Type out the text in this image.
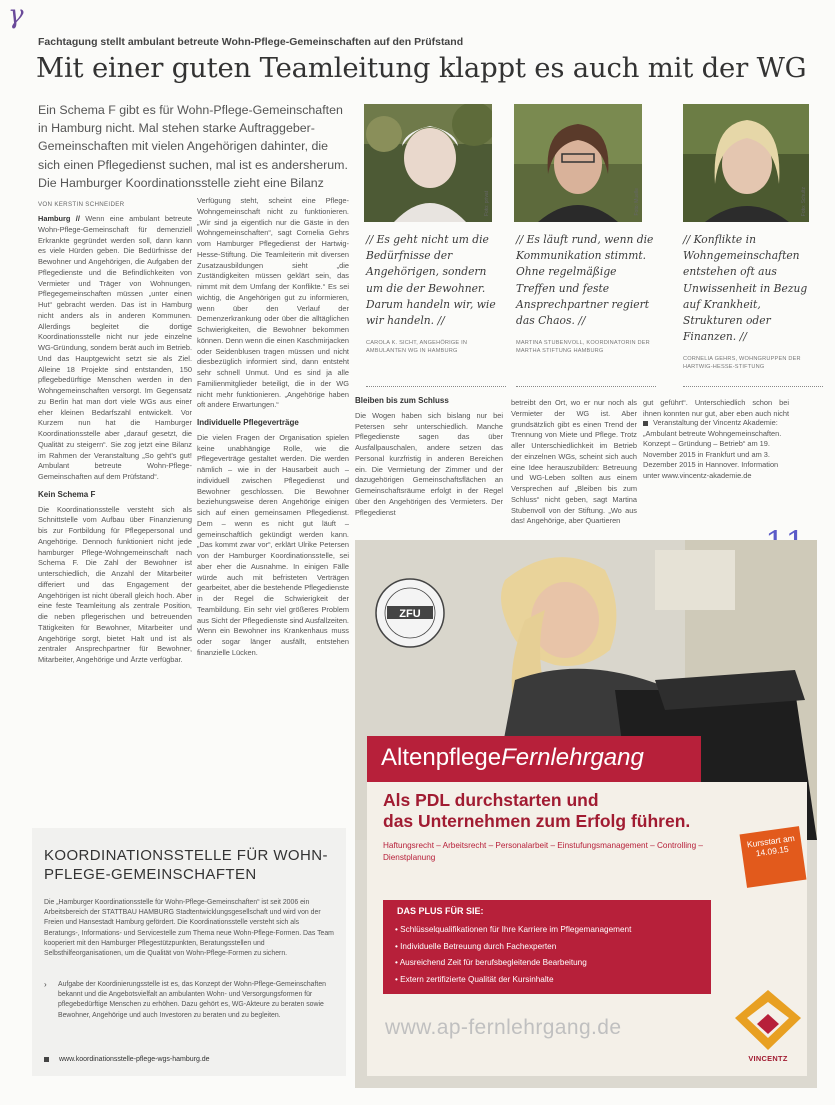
γ
Fachtagung stellt ambulant betreute Wohn-Pflege-Gemeinschaften auf den Prüfstand
Mit einer guten Teamleitung klappt es auch mit der WG
Ein Schema F gibt es für Wohn-Pflege-Gemeinschaften in Hamburg nicht. Mal stehen starke Auftraggeber-Gemeinschaften mit vielen Angehörigen dahinter, die sich einen Pflegedienst suchen, mal ist es andersherum. Die Hamburger Koordinationsstelle zieht eine Bilanz
VON KERSTIN SCHNEIDER
Hamburg // Wenn eine ambulant betreute Wohn-Pflege-Gemeinschaft für demenziell Erkrankte gegründet werden soll, dann kann es viele Hürden geben. Die Bedürfnisse der Bewohner und Angehörigen, die Aufgaben der Pflegedienste und die Befindlichkeiten von Vermieter und Träger von Wohnungen, Pflegegemeinschaften müssen „unter einen Hut“ gebracht werden. Das ist in Hamburg nicht anders als in anderen Kommunen. Allerdings begleitet die dortige Koordinationsstelle nicht nur jede einzelne WG-Gründung, sondern berät auch im Betrieb. Und das Hauptgewicht setzt sie als Ziel. Alleine 18 Projekte sind entstanden, 150 pflegebedürftige Menschen werden in den Wohngemeinschaften versorgt. Im Gegensatz zu Berlin hat man dort viele WGs aus einer eher kleinen Bedarfszahl entwickelt. Vor Kurzem nun hat die Hamburger Koordinationsstelle aber „darauf gesetzt, die Qualität zu steigern“. Sie zog jetzt eine Bilanz im Rahmen der Veranstaltung „So geht’s gut! Ambulant betreute Wohn-Pflege-Gemeinschaften auf dem Prüfstand“.
Kein Schema F
Die Koordinationsstelle versteht sich als Schnittstelle vom Aufbau über Finanzierung bis zur Fortbildung für Pflegepersonal und Angehörige. Dennoch funktioniert nicht jede hamburger Pflege-Wohngemeinschaft nach Schema F. Die Zahl der Bewohner ist unterschiedlich, die Anzahl der Mitarbeiter differiert und das Engagement der Angehörigen ist nicht überall gleich hoch. Aber eine feste Teamleitung als zentrale Position, die neben pflegerischen und betreuenden Tätigkeiten für Bewohner, Mitarbeiter und Angehörige sorgt, bietet Halt und ist als zentraler Ansprechpartner für Bewohner, Mitarbeiter, Angehörige und Ärzte verfügbar.
Verfügung steht, scheint eine Pflege-Wohngemeinschaft nicht zu funktionieren. „Wir sind ja eigentlich nur die Gäste in den Wohngemeinschaften“, sagt Cornelia Gehrs vom Hamburger Pflegedienst der Hartwig-Hesse-Stiftung. Die Teamleiterin mit diversen Zusatzausbildungen sieht „die Zuständigkeiten müssen geklärt sein, das nimmt mit dem Umfang der Konflikte.“ Es sei wichtig, die Angehörigen gut zu informieren, wenn über den Verlauf der Demenzerkrankung oder über die alltäglichen Schwierigkeiten, die Bewohner bekommen können. Denn wenn die einen Kaschmirjacken oder Seidenblusen tragen müssen und nicht diesbezüglich informiert sind, dann entsteht sehr schnell Unmut. Und es sind ja alle Familienmitglieder beteiligt, die in der WG nicht mehr funktionieren. „Angehörige haben oft andere Erwartungen.“
Individuelle Pflegeverträge
Die vielen Fragen der Organisation spielen keine unabhängige Rolle, wie die Pflegeverträge gestaltet werden. Die werden nämlich – wie in der Hausarbeit auch – individuell zwischen Pflegedienst und Bewohner geschlossen. Die Bewohner beziehungsweise deren Angehörige einigen sich auf einen gemeinsamen Pflegedienst. Dem – wenn es nicht gut läuft – gemeinschaftlich gekündigt werden kann. „Das kommt zwar vor“, erklärt Ulrike Petersen von der Hamburger Koordinationsstelle, sei aber eher die Ausnahme. In einigen Fälle würde auch mit befristeten Verträgen gearbeitet, aber die bestehende Pflegedienste in der Regel die Schwierigkeit der Teambildung. Ein sehr viel größeres Problem aus Sicht der Pflegedienste sind Ausfallzeiten. Wenn ein Bewohner ins Krankenhaus muss oder sogar länger ausfällt, entstehen finanzielle Lücken.
Foto: privat	Foto: Muelle	Foto: Schultz
// Es geht nicht um die Bedürfnisse der Angehörigen, sondern um die der Bewohner. Darum handeln wir, wie wir handeln. //
CAROLA K. SICHT, ANGEHÖRIGE IN AMBULANTEN WG IN HAMBURG
// Es läuft rund, wenn die Kommunikation stimmt. Ohne regelmäßige Treffen und feste Ansprechpartner regiert das Chaos. //
MARTINA STUBENVOLL, KOORDINATORIN DER MARTHA STIFTUNG HAMBURG
// Konflikte in Wohngemeinschaften entstehen oft aus Unwissenheit in Bezug auf Krankheit, Strukturen oder Finanzen. //
CORNELIA GEHRS, WOHNGRUPPEN DER HARTWIG-HESSE-STIFTUNG
Bleiben bis zum Schluss
Die Wogen haben sich bislang nur bei Petersen sehr unterschiedlich. Manche Pflegedienste sagen das über Ausfallpauschalen, andere setzen das Personal kurzfristig in anderen Bereichen ein. Die Vermietung der Zimmer und der dazugehörigen Gemeinschaftsflächen an Gemeinschaftsräume erfolgt in der Regel über den Angehörigen des Vermieters. Der Pflegedienst
betreibt den Ort, wo er nur noch als Vermieter der WG ist. Aber grundsätzlich gibt es einen Trend der Trennung von Miete und Pflege. Trotz aller Unterschiedlichkeit im Betrieb der einzelnen WGs, scheint sich auch eine Idee herauszubilden: Betreuung und WG-Leben sollten aus einem Versprechen auf „Bleiben bis zum Schluss“ nicht geben, sagt Martina Stubenvoll von der Stiftung. „Wo aus das! Angehörige, aber Quartieren
gut geführt“. Unterschiedlich schon bei ihnen konnten nur gut, aber eben auch nicht
Veranstaltung der Vincentz Akademie: „Ambulant betreute Wohngemeinschaften. Konzept – Gründung – Betrieb“ am 19. November 2015 in Frankfurt und am 3. Dezember 2015 in Hannover. Information unter www.vincentz-akademie.de
KOORDINATIONSSTELLE FÜR WOHN-PFLEGE-GEMEINSCHAFTEN
Die „Hamburger Koordinationsstelle für Wohn-Pflege-Gemeinschaften“ ist seit 2006 ein Arbeitsbereich der STATTBAU HAMBURG Stadtentwicklungsgesellschaft und wird von der Freien und Hansestadt Hamburg gefördert. Die Koordinationsstelle versteht sich als Beratungs-, Informations- und Servicestelle zum Thema neue Wohn-Pflege-Formen. Das Team kooperiert mit den Hamburger Pflegestützpunkten, Beratungsstellen und Selbsthilfeorganisationen, um die Qualität von Wohn-Pflege-Formen zu sichern.
› Aufgabe der Koordinierungsstelle ist es, das Konzept der Wohn-Pflege-Gemeinschaften bekannt und die Angebotsvielfalt an ambulanten Wohn- und Versorgungsformen für pflegebedürftige Menschen zu erhöhen. Dazu gehört es, WG-Akteure zu beraten sowie Bewohner, Angehörige und auch Investoren zu beraten und zu begleiten.
www.koordinationsstelle-pflege-wgs-hamburg.de
ZFU
AltenpflegeFernlehrgang
Als PDL durchstarten und
das Unternehmen zum Erfolg führen.
Haftungsrecht – Arbeitsrecht – Personalarbeit – Einstufungsmanagement – Controlling – Dienstplanung
Kursstart am 14.09.15
DAS PLUS FÜR SIE:
• Schlüsselqualifikationen für Ihre Karriere im Pflegemanagement
• Individuelle Betreuung durch Fachexperten
• Ausreichend Zeit für berufsbegleitende Bearbeitung
• Extern zertifizierte Qualität der Kursinhalte
www.ap-fernlehrgang.de
VINCENTZ
